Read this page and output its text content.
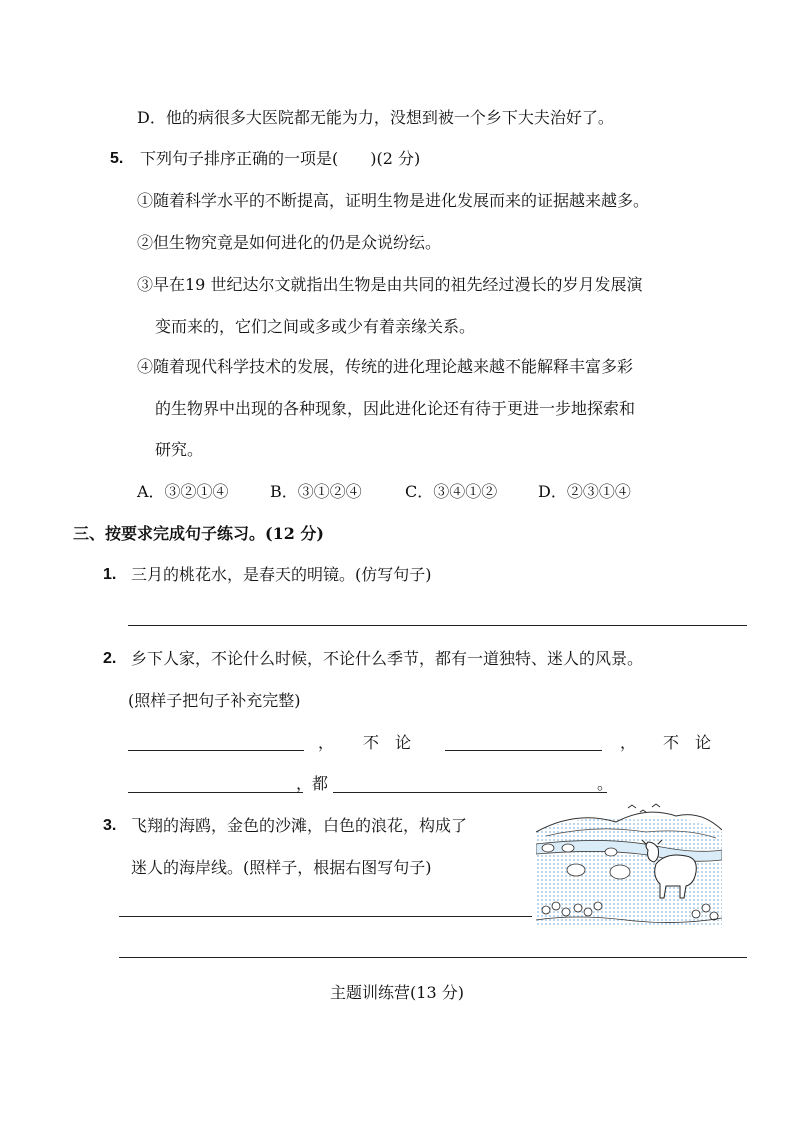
D．他的病很多大医院都无能为力，没想到被一个乡下大夫治好了。
5. 下列句子排序正确的一项是(　　)(2 分)
①随着科学水平的不断提高，证明生物是进化发展而来的证据越来越多。
②但生物究竟是如何进化的仍是众说纷纭。
③早在19 世纪达尔文就指出生物是由共同的祖先经过漫长的岁月发展演
变而来的，它们之间或多或少有着亲缘关系。
④随着现代科学技术的发展，传统的进化理论越来越不能解释丰富多彩
的生物界中出现的各种现象，因此进化论还有待于更进一步地探索和
研究。
A．③②①④	B．③①②④	C．③④①②	D．②③①④
三、按要求完成句子练习。(12 分)
1. 三月的桃花水，是春天的明镜。(仿写句子)
2. 乡下人家，不论什么时候，不论什么季节，都有一道独特、迷人的风景。
(照样子把句子补充完整)
， 不　论	， 不　论
，都	。
3. 飞翔的海鸥，金色的沙滩，白色的浪花，构成了
迷人的海岸线。(照样子，根据右图写句子)
主题训练营(13 分)
